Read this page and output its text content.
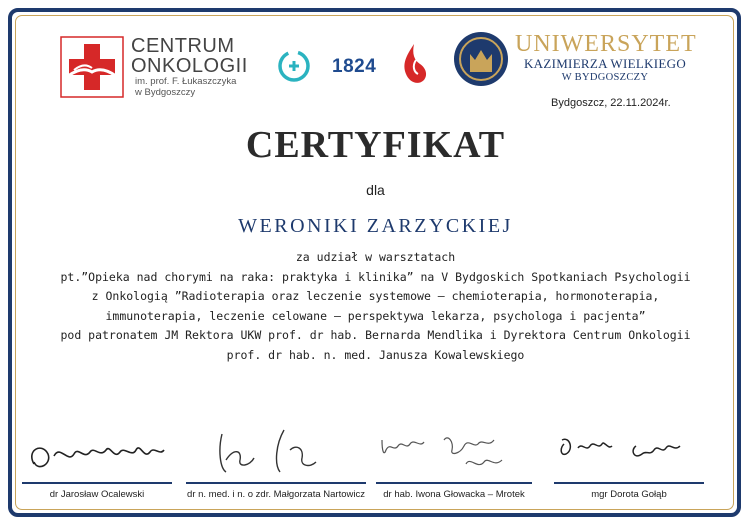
CENTRUM
ONKOLOGII
im. prof. F. Łukaszczyka
w Bydgoszczy
1824
UNIWERSYTET
KAZIMIERZA WIELKIEGO
W BYDGOSZCZY
Bydgoszcz, 22.11.2024r.
CERTYFIKAT
dla
WERONIKI ZARZYCKIEJ
za udział w warsztatach
pt.”Opieka nad chorymi na raka: praktyka i klinika” na V Bydgoskich Spotkaniach Psychologii
z Onkologią ”Radioterapia oraz leczenie systemowe – chemioterapia, hormonoterapia,
immunoterapia, leczenie celowane – perspektywa lekarza, psychologa i pacjenta”
pod patronatem JM Rektora UKW prof. dr hab. Bernarda Mendlika i Dyrektora Centrum Onkologii
prof. dr hab. n. med. Janusza Kowalewskiego
dr Jarosław Ocalewski	dr n. med. i n. o zdr. Małgorzata Nartowicz	dr hab. Iwona Głowacka – Mrotek	mgr Dorota Gołąb
